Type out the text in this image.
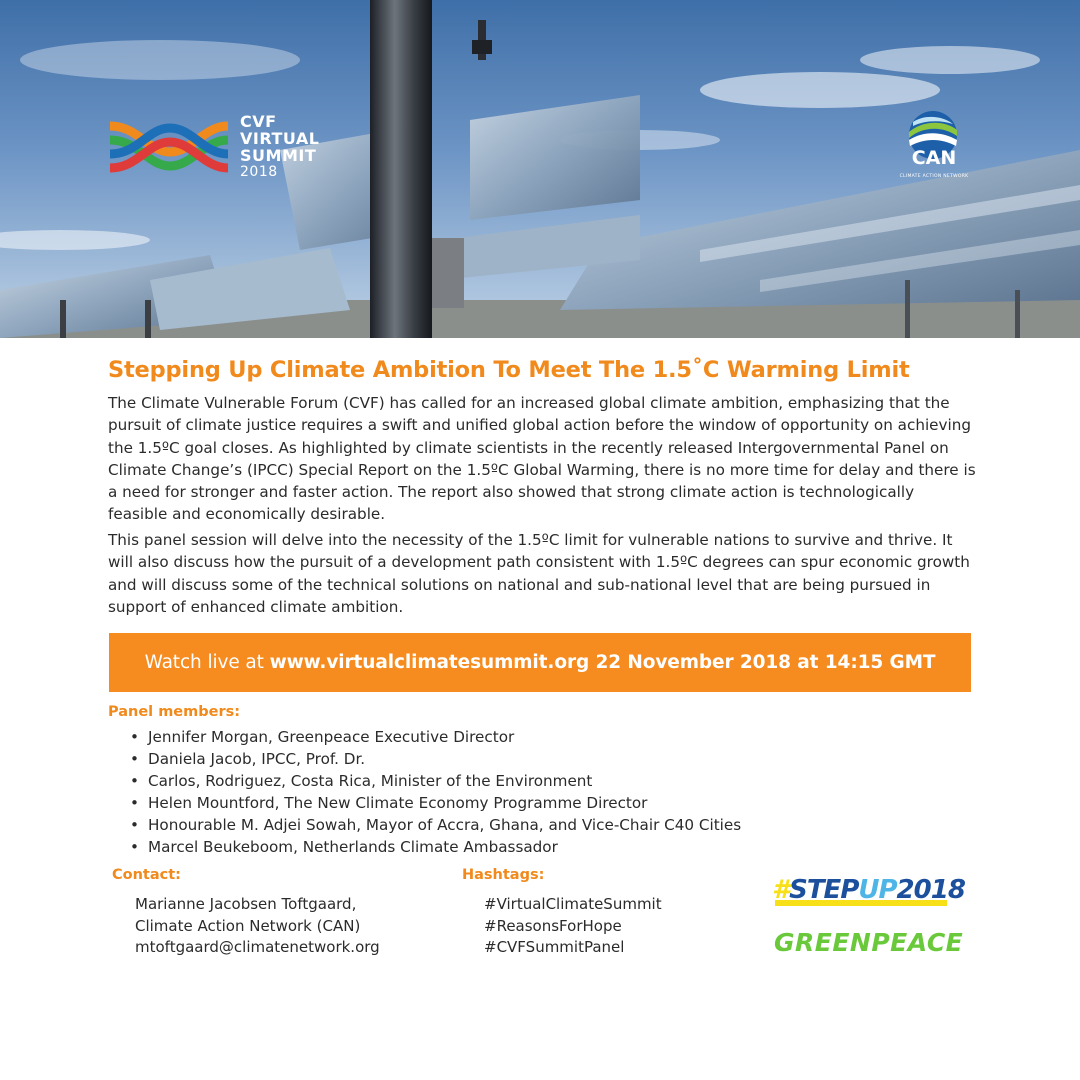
CVF
VIRTUAL
SUMMIT
2018
CAN
CLIMATE ACTION NETWORK
Stepping Up Climate Ambition To Meet The 1.5˚C Warming Limit

The Climate Vulnerable Forum (CVF) has called for an increased global climate ambition, emphasizing that the pursuit of climate justice requires a swift and unified global action before the window of opportunity on achieving the 1.5ºC goal closes. As highlighted by climate scientists in the recently released Intergovernmental Panel on Climate Change’s (IPCC) Special Report on the 1.5ºC Global Warming, there is no more time for delay and there is a need for stronger and faster action. The report also showed that strong climate action is technologically feasible and economically desirable.

This panel session will delve into the necessity of the 1.5ºC limit for vulnerable nations to survive and thrive. It will also discuss how the pursuit of a development path consistent with 1.5ºC degrees can spur economic growth and will discuss some of the technical solutions on national and sub-national level that are being pursued in support of enhanced climate ambition.

Watch live at www.virtualclimatesummit.org 22 November 2018 at 14:15 GMT
Panel members:
• Jennifer Morgan, Greenpeace Executive Director
• Daniela Jacob, IPCC, Prof. Dr.
• Carlos, Rodriguez, Costa Rica, Minister of the Environment
• Helen Mountford, The New Climate Economy Programme Director
• Honourable M. Adjei Sowah, Mayor of Accra, Ghana, and Vice-Chair C40 Cities
• Marcel Beukeboom, Netherlands Climate Ambassador
Contact:
Marianne Jacobsen Toftgaard,
Climate Action Network (CAN)
mtoftgaard@climatenetwork.org
Hashtags:
#VirtualClimateSummit
#ReasonsForHope
#CVFSummitPanel
#STEPUP2018
GREENPEACE
